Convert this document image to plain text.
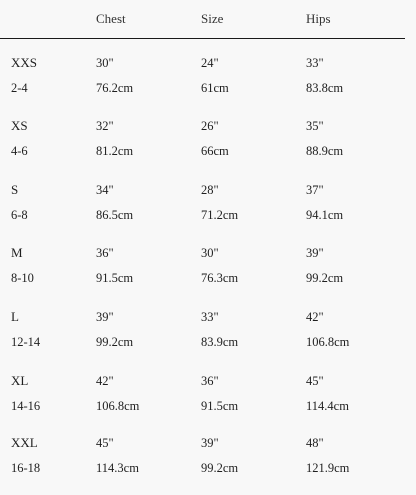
Chest	Size	Hips
XXS
2-4
30"
76.2cm
24"
61cm
33"
83.8cm
XS
4-6
32"
81.2cm
26"
66cm
35"
88.9cm
S
6-8
34"
86.5cm
28"
71.2cm
37"
94.1cm
M
8-10
36"
91.5cm
30"
76.3cm
39"
99.2cm
L
12-14
39"
99.2cm
33"
83.9cm
42"
106.8cm
XL
14-16
42"
106.8cm
36"
91.5cm
45"
114.4cm
XXL
16-18
45"
114.3cm
39"
99.2cm
48"
121.9cm
